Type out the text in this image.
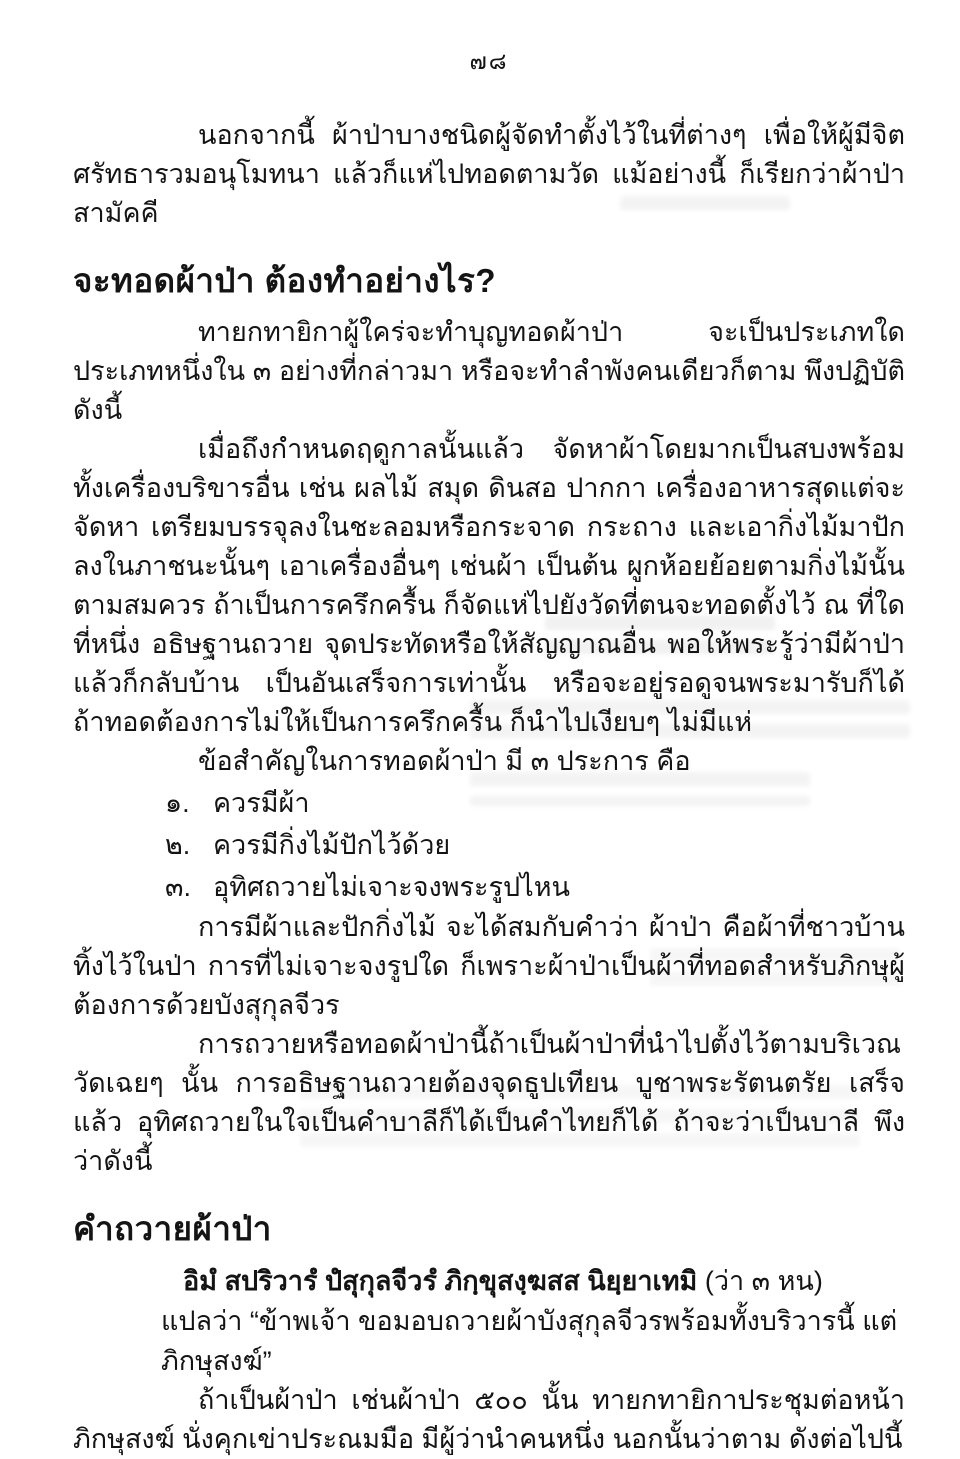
๗๘

นอกจากนี้ ผ้าป่าบางชนิดผู้จัดทำตั้งไว้ในที่ต่างๆ เพื่อให้ผู้มีจิตศรัทธารวมอนุโมทนา แล้วก็แห่ไปทอดตามวัด แม้อย่างนี้ ก็เรียกว่าผ้าป่าสามัคคี

จะทอดผ้าป่า ต้องทำอย่างไร?

ทายกทายิกาผู้ใคร่จะทำบุญทอดผ้าป่า จะเป็นประเภทใดประเภทหนึ่งใน ๓ อย่างที่กล่าวมา หรือจะทำลำพังคนเดียวก็ตาม พึงปฏิบัติดังนี้

เมื่อถึงกำหนดฤดูกาลนั้นแล้ว จัดหาผ้าโดยมากเป็นสบงพร้อมทั้งเครื่องบริขารอื่น เช่น ผลไม้ สมุด ดินสอ ปากกา เครื่องอาหารสุดแต่จะจัดหา เตรียมบรรจุลงในชะลอมหรือกระจาด กระถาง และเอากิ่งไม้มาปักลงในภาชนะนั้นๆ เอาเครื่องอื่นๆ เช่นผ้า เป็นต้น ผูกห้อยย้อยตามกิ่งไม้นั้นตามสมควร ถ้าเป็นการครึกครื้น ก็จัดแห่ไปยังวัดที่ตนจะทอดตั้งไว้ ณ ที่ใดที่หนึ่ง อธิษฐานถวาย จุดประทัดหรือให้สัญญาณอื่น พอให้พระรู้ว่ามีผ้าป่า แล้วก็กลับบ้าน เป็นอันเสร็จการเท่านั้น หรือจะอยู่รอดูจนพระมารับก็ได้ ถ้าทอดต้องการไม่ให้เป็นการครึกครื้น ก็นำไปเงียบๆ ไม่มีแห่

ข้อสำคัญในการทอดผ้าป่า มี ๓ ประการ คือ

๑. ควรมีผ้า
๒. ควรมีกิ่งไม้ปักไว้ด้วย
๓. อุทิศถวายไม่เจาะจงพระรูปไหน

การมีผ้าและปักกิ่งไม้ จะได้สมกับคำว่า ผ้าป่า คือผ้าที่ชาวบ้านทิ้งไว้ในป่า การที่ไม่เจาะจงรูปใด ก็เพราะผ้าป่าเป็นผ้าที่ทอดสำหรับภิกษุผู้ต้องการด้วยบังสุกุลจีวร

การถวายหรือทอดผ้าป่านี้ถ้าเป็นผ้าป่าที่นำไปตั้งไว้ตามบริเวณวัดเฉยๆ นั้น การอธิษฐานถวายต้องจุดธูปเทียน บูชาพระรัตนตรัย เสร็จแล้ว อุทิศถวายในใจเป็นคำบาลีก็ได้เป็นคำไทยก็ได้ ถ้าจะว่าเป็นบาลี พึงว่าดังนี้

คำถวายผ้าป่า
อิมํ สปริวารํ ปํสุกุลจีวรํ ภิกฺขุสงฺฆสส นิยฺยาเทมิ (ว่า ๓ หน)
แปลว่า “ข้าพเจ้า ขอมอบถวายผ้าบังสุกุลจีวรพร้อมทั้งบริวารนี้ แต่ภิกษุสงฆ์”

ถ้าเป็นผ้าป่า เช่นผ้าป่า ๕๐๐ นั้น ทายกทายิกาประชุมต่อหน้าภิกษุสงฆ์ นั่งคุกเข่าประณมมือ มีผู้ว่านำคนหนึ่ง นอกนั้นว่าตาม ดังต่อไปนี้
